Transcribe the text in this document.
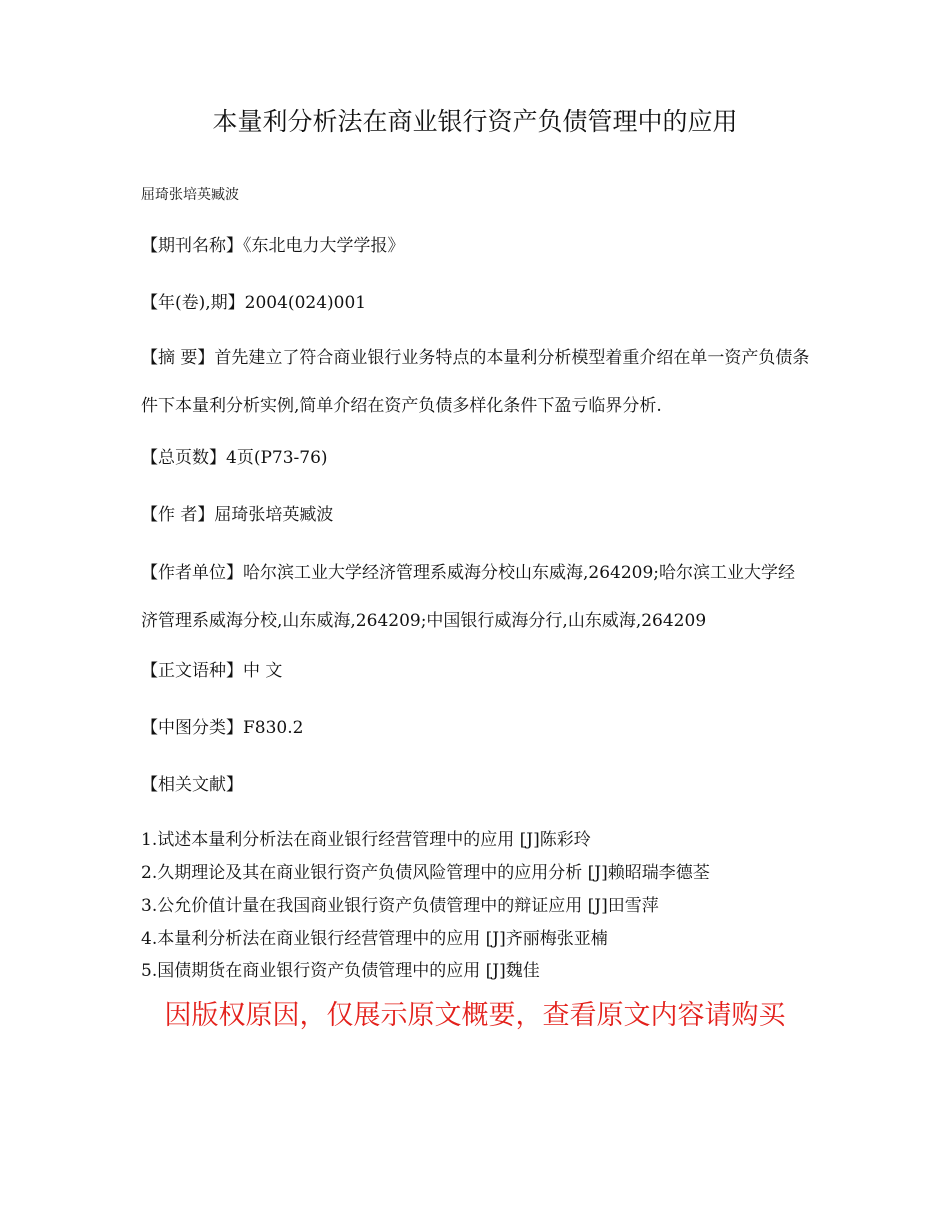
本量利分析法在商业银行资产负债管理中的应用
屈琦张培英臧波
【期刊名称】《东北电力大学学报》
【年(卷),期】2004(024)001
【摘 要】首先建立了符合商业银行业务特点的本量利分析模型着重介绍在单一资产负债条件下本量利分析实例,简单介绍在资产负债多样化条件下盈亏临界分析.
【总页数】4页(P73-76)
【作 者】屈琦张培英臧波
【作者单位】哈尔滨工业大学经济管理系威海分校山东威海,264209;哈尔滨工业大学经济管理系威海分校,山东威海,264209;中国银行威海分行,山东威海,264209
【正文语种】中 文
【中图分类】F830.2
【相关文献】
1.试述本量利分析法在商业银行经营管理中的应用 [J]陈彩玲
2.久期理论及其在商业银行资产负债风险管理中的应用分析 [J]赖昭瑞李德荃
3.公允价值计量在我国商业银行资产负债管理中的辩证应用 [J]田雪萍
4.本量利分析法在商业银行经营管理中的应用 [J]齐丽梅张亚楠
5.国债期货在商业银行资产负债管理中的应用 [J]魏佳
因版权原因，仅展示原文概要，查看原文内容请购买
